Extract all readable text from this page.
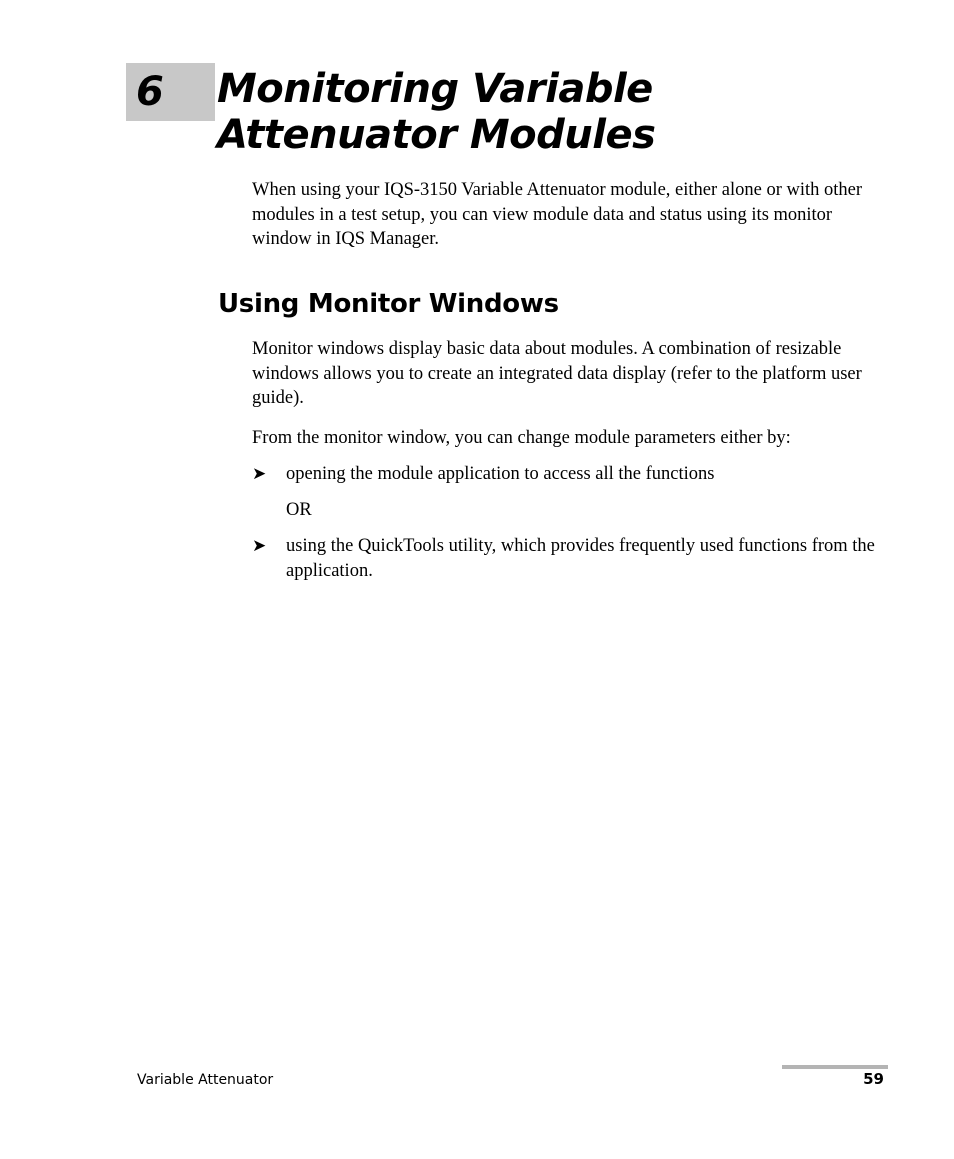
6 Monitoring Variable
Attenuator Modules

When using your IQS-3150 Variable Attenuator module, either alone or with other modules in a test setup, you can view module data and status using its monitor window in IQS Manager.

Using Monitor Windows

Monitor windows display basic data about modules. A combination of resizable windows allows you to create an integrated data display (refer to the platform user guide).

From the monitor window, you can change module parameters either by:

➤ opening the module application to access all the functions
OR
➤ using the QuickTools utility, which provides frequently used functions from the application.
Variable Attenuator	59
